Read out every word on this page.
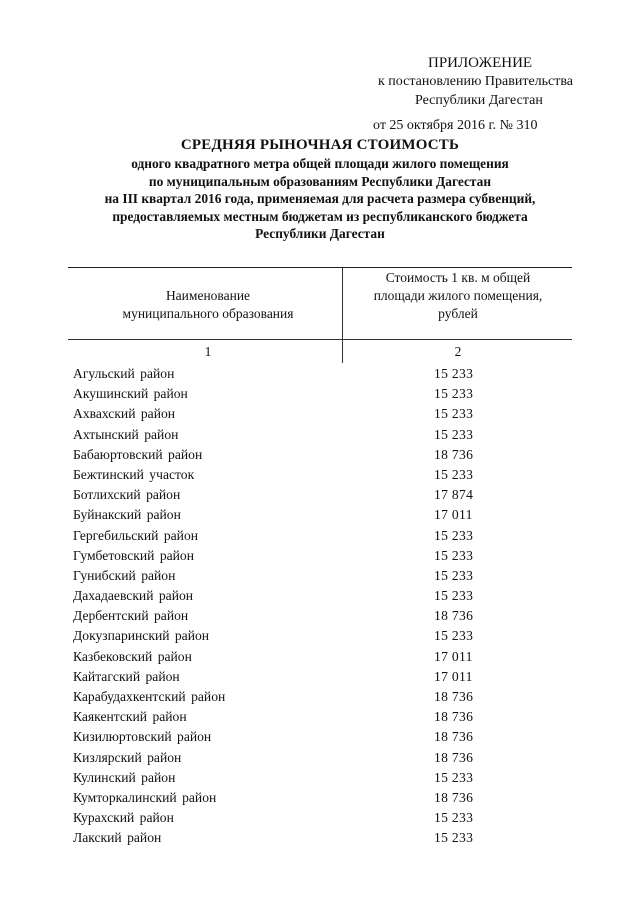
ПРИЛОЖЕНИЕ
к постановлению Правительства
Республики Дагестан
от 25 октября 2016 г. № 310
СРЕДНЯЯ РЫНОЧНАЯ СТОИМОСТЬ
одного квадратного метра общей площади жилого помещения
по муниципальным образованиям Республики Дагестан
на III квартал 2016 года, применяемая для расчета размера субвенций,
предоставляемых местным бюджетам из республиканского бюджета
Республики Дагестан
Наименование
муниципального образования
Стоимость 1 кв. м общей
площади жилого помещения,
рублей
1	2
Агульский район	15 233
Акушинский район	15 233
Ахвахский район	15 233
Ахтынский район	15 233
Бабаюртовский район	18 736
Бежтинский участок	15 233
Ботлихский район	17 874
Буйнакский район	17 011
Гергебильский район	15 233
Гумбетовский район	15 233
Гунибский район	15 233
Дахадаевский район	15 233
Дербентский район	18 736
Докузпаринский район	15 233
Казбековский район	17 011
Кайтагский район	17 011
Карабудахкентский район	18 736
Каякентский район	18 736
Кизилюртовский район	18 736
Кизлярский район	18 736
Кулинский район	15 233
Кумторкалинский район	18 736
Курахский район	15 233
Лакский район	15 233
